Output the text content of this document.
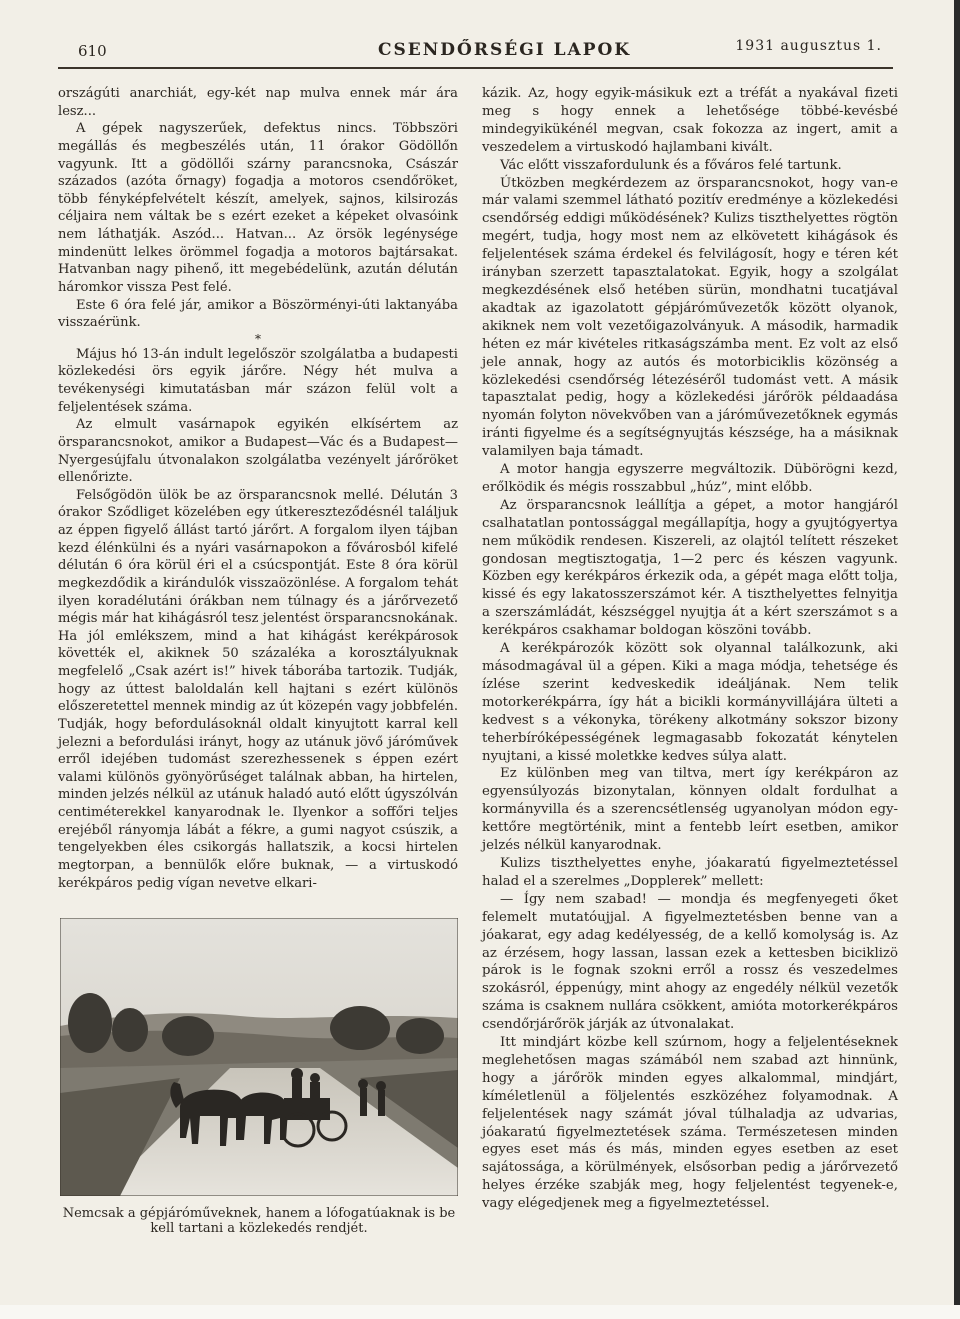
610	CSENDŐRSÉGI LAPOK	1931 augusztus 1.

országúti anarchiát, egy-két nap mulva ennek már ára lesz...

A gépek nagyszerűek, defektus nincs. Többszöri megállás és megbeszélés után, 11 órakor Gödöllőn vagyunk. Itt a gödöllői szárny parancsnoka, Császár százados (azóta őrnagy) fogadja a motoros csendőröket, több fényképfelvételt készít, amelyek, sajnos, kilsirozás céljaira nem váltak be s ezért ezeket a képeket olvasóink nem láthatják. Aszód... Hatvan... Az örsök legénysége mindenütt lelkes örömmel fogadja a motoros bajtársakat. Hatvanban nagy pihenő, itt megebédelünk, azután délután háromkor vissza Pest felé.

Este 6 óra felé jár, amikor a Böszörményi-úti laktanyába visszaérünk.

*

Május hó 13-án indult legelőször szolgálatba a budapesti közlekedési örs egyik járőre. Négy hét mulva a tevékenységi kimutatásban már százon felül volt a feljelentések száma.

Az elmult vasárnapok egyikén elkísértem az örsparancsnokot, amikor a Budapest—Vác és a Budapest—Nyergesújfalu útvonalakon szolgálatba vezényelt járőröket ellenőrizte.

Felsőgödön ülök be az örsparancsnok mellé. Délután 3 órakor Sződliget közelében egy útkereszteződésnél találjuk az éppen figyelő állást tartó járőrt. A forgalom ilyen tájban kezd élénkülni és a nyári vasárnapokon a fővárosból kifelé délután 6 óra körül éri el a csúcspontját. Este 8 óra körül megkezdődik a kirándulók visszaözönlése. A forgalom tehát ilyen koradélutáni órákban nem túlnagy és a járőrvezető mégis már hat kihágásról tesz jelentést örsparancsnokának. Ha jól emlékszem, mind a hat kihágást kerékpárosok követték el, akiknek 50 százaléka a korosztályuknak megfelelő „Csak azért is!” hivek táborába tartozik. Tudják, hogy az úttest baloldalán kell hajtani s ezért különös előszeretettel mennek mindig az út közepén vagy jobbfelén. Tudják, hogy befordulásoknál oldalt kinyujtott karral kell jelezni a befordulási irányt, hogy az utánuk jövő járóművek erről idejében tudomást szerezhessenek s éppen ezért valami különös gyönyörűséget találnak abban, ha hirtelen, minden jelzés nélkül az utánuk haladó autó előtt úgyszólván centiméterekkel kanyarodnak le. Ilyenkor a soffőri teljes erejéből rányomja lábát a fékre, a gumi nagyot csúszik, a tengelyekben éles csikorgás hallatszik, a kocsi hirtelen megtorpan, a bennülők előre buknak, — a virtuskodó kerékpáros pedig vígan nevetve elkari-

kázik. Az, hogy egyik-másikuk ezt a tréfát a nyakával fizeti meg s hogy ennek a lehetősége többé-kevésbé mindegyikükénél megvan, csak fokozza az ingert, amit a veszedelem a virtuskodó hajlambani kivált.

Vác előtt visszafordulunk és a főváros felé tartunk.

Útközben megkérdezem az örsparancsnokot, hogy van-e már valami szemmel látható pozitív eredménye a közlekedési csendőrség eddigi működésének? Kulizs tiszthelyettes rögtön megért, tudja, hogy most nem az elkövetett kihágások és feljelentések száma érdekel és felvilágosít, hogy e téren két irányban szerzett tapasztalatokat. Egyik, hogy a szolgálat megkezdésének első hetében sürün, mondhatni tucatjával akadtak az igazolatott gépjáróművezetők között olyanok, akiknek nem volt vezetőigazolványuk. A második, harmadik héten ez már kivételes ritkaságszámba ment. Ez volt az első jele annak, hogy az autós és motorbiciklis közönség a közlekedési csendőrség létezéséről tudomást vett. A másik tapasztalat pedig, hogy a közlekedési járőrök példaadása nyomán folyton növekvőben van a járóművezetőknek egymás iránti figyelme és a segítségnyujtás készsége, ha a másiknak valamilyen baja támadt.

A motor hangja egyszerre megváltozik. Dübörögni kezd, erőlködik és mégis rosszabbul „húz”, mint előbb.

Az örsparancsnok leállítja a gépet, a motor hangjáról csalhatatlan pontossággal megállapítja, hogy a gyujtógyertya nem működik rendesen. Kiszereli, az olajtól telített részeket gondosan megtisztogatja, 1—2 perc és készen vagyunk. Közben egy kerékpáros érkezik oda, a gépét maga előtt tolja, kissé és egy lakatosszerszámot kér. A tiszthelyettes felnyitja a szerszámládát, készséggel nyujtja át a kért szerszámot s a kerékpáros csakhamar boldogan köszöni tovább.

A kerékpározók között sok olyannal találkozunk, aki másodmagával ül a gépen. Kiki a maga módja, tehetsége és ízlése szerint kedveskedik ideáljának. Nem telik motorkerékpárra, így hát a bicikli kormányvillájára ülteti a kedvest s a vékonyka, törékeny alkotmány sokszor bizony teherbíróképességének legmagasabb fokozatát kénytelen nyujtani, a kissé moletkke kedves súlya alatt.

Ez különben meg van tiltva, mert így kerékpáron az egyensúlyozás bizonytalan, könnyen oldalt fordulhat a kormányvilla és a szerencsétlenség ugyanolyan módon egy-kettőre megtörténik, mint a fentebb leírt esetben, amikor jelzés nélkül kanyarodnak.

Kulizs tiszthelyettes enyhe, jóakaratú figyelmeztetéssel halad el a szerelmes „Dopplerek” mellett:

— Így nem szabad! — mondja és megfenyegeti őket felemelt mutatóujjal. A figyelmeztetésben benne van a jóakarat, egy adag kedélyesség, de a kellő komolyság is. Az az érzésem, hogy lassan, lassan ezek a kettesben biciklizö párok is le fognak szokni erről a rossz és veszedelmes szokásról, éppenúgy, mint ahogy az engedély nélkül vezetők száma is csaknem nullára csökkent, amióta motorkerékpáros csendőrjárőrök járják az útvonalakat.

Itt mindjárt közbe kell szúrnom, hogy a feljelentéseknek meglehetősen magas számából nem szabad azt hinnünk, hogy a járőrök minden egyes alkalommal, mindjárt, kíméletlenül a följelentés eszközéhez folyamodnak. A feljelentések nagy számát jóval túlhaladja az udvarias, jóakaratú figyelmeztetések száma. Természetesen minden egyes eset más és más, minden egyes esetben az eset sajátossága, a körülmények, elsősorban pedig a járőrvezető helyes érzéke szabják meg, hogy feljelentést tegyenek-e, vagy elégedjenek meg a figyelmeztetéssel.

Nemcsak a gépjáróműveknek, hanem a lófogatúaknak is be kell tartani a közlekedés rendjét.
